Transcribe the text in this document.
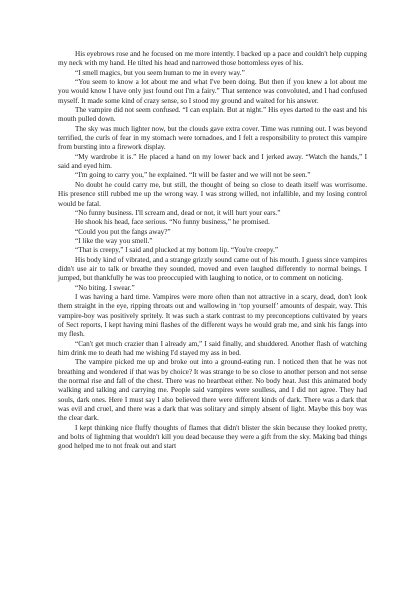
His eyebrows rose and he focused on me more intently. I backed up a pace and couldn't help cupping my neck with my hand. He tilted his head and narrowed those bottomless eyes of his.

“I smell magics, but you seem human to me in every way.”

“You seem to know a lot about me and what I've been doing. But then if you knew a lot about me you would know I have only just found out I'm a fairy.” That sentence was convoluted, and I had confused myself. It made some kind of crazy sense, so I stood my ground and waited for his answer.

The vampire did not seem confused. “I can explain. But at night.” His eyes darted to the east and his mouth pulled down.

The sky was much lighter now, but the clouds gave extra cover. Time was running out. I was beyond terrified, the curls of fear in my stomach were tornadoes, and I felt a responsibility to protect this vampire from bursting into a firework display.

“My wardrobe it is.” He placed a hand on my lower back and I jerked away. “Watch the hands,” I said and eyed him.

“I'm going to carry you,” he explained. “It will be faster and we will not be seen.”

No doubt he could carry me, but still, the thought of being so close to death itself was worrisome. His presence still rubbed me up the wrong way. I was strong willed, not infallible, and my losing control would be fatal.

“No funny business. I'll scream and, dead or not, it will hurt your ears.”

He shook his head, face serious. “No funny business,” he promised.

“Could you put the fangs away?”

“I like the way you smell.”

“That is creepy,” I said and plucked at my bottom lip. “You're creepy.”

His body kind of vibrated, and a strange grizzly sound came out of his mouth. I guess since vampires didn't use air to talk or breathe they sounded, moved and even laughed differently to normal beings. I jumped, but thankfully he was too preoccupied with laughing to notice, or to comment on noticing.

“No biting. I swear.”

I was having a hard time. Vampires were more often than not attractive in a scary, dead, don't look them straight in the eye, ripping throats out and wallowing in ‘top yourself’ amounts of despair, way. This vampire-boy was positively spritely. It was such a stark contrast to my preconceptions cultivated by years of Sect reports, I kept having mini flashes of the different ways he would grab me, and sink his fangs into my flesh.

“Can't get much crazier than I already am,” I said finally, and shuddered. Another flash of watching him drink me to death had me wishing I'd stayed my ass in bed.

The vampire picked me up and broke out into a ground-eating run. I noticed then that he was not breathing and wondered if that was by choice? It was strange to be so close to another person and not sense the normal rise and fall of the chest. There was no heartbeat either. No body heat. Just this animated body walking and talking and carrying me. People said vampires were soulless, and I did not agree. They had souls, dark ones. Here I must say I also believed there were different kinds of dark. There was a dark that was evil and cruel, and there was a dark that was solitary and simply absent of light. Maybe this boy was the clear dark.

I kept thinking nice fluffy thoughts of flames that didn't blister the skin because they looked pretty, and bolts of lightning that wouldn't kill you dead because they were a gift from the sky. Making bad things good helped me to not freak out and start
